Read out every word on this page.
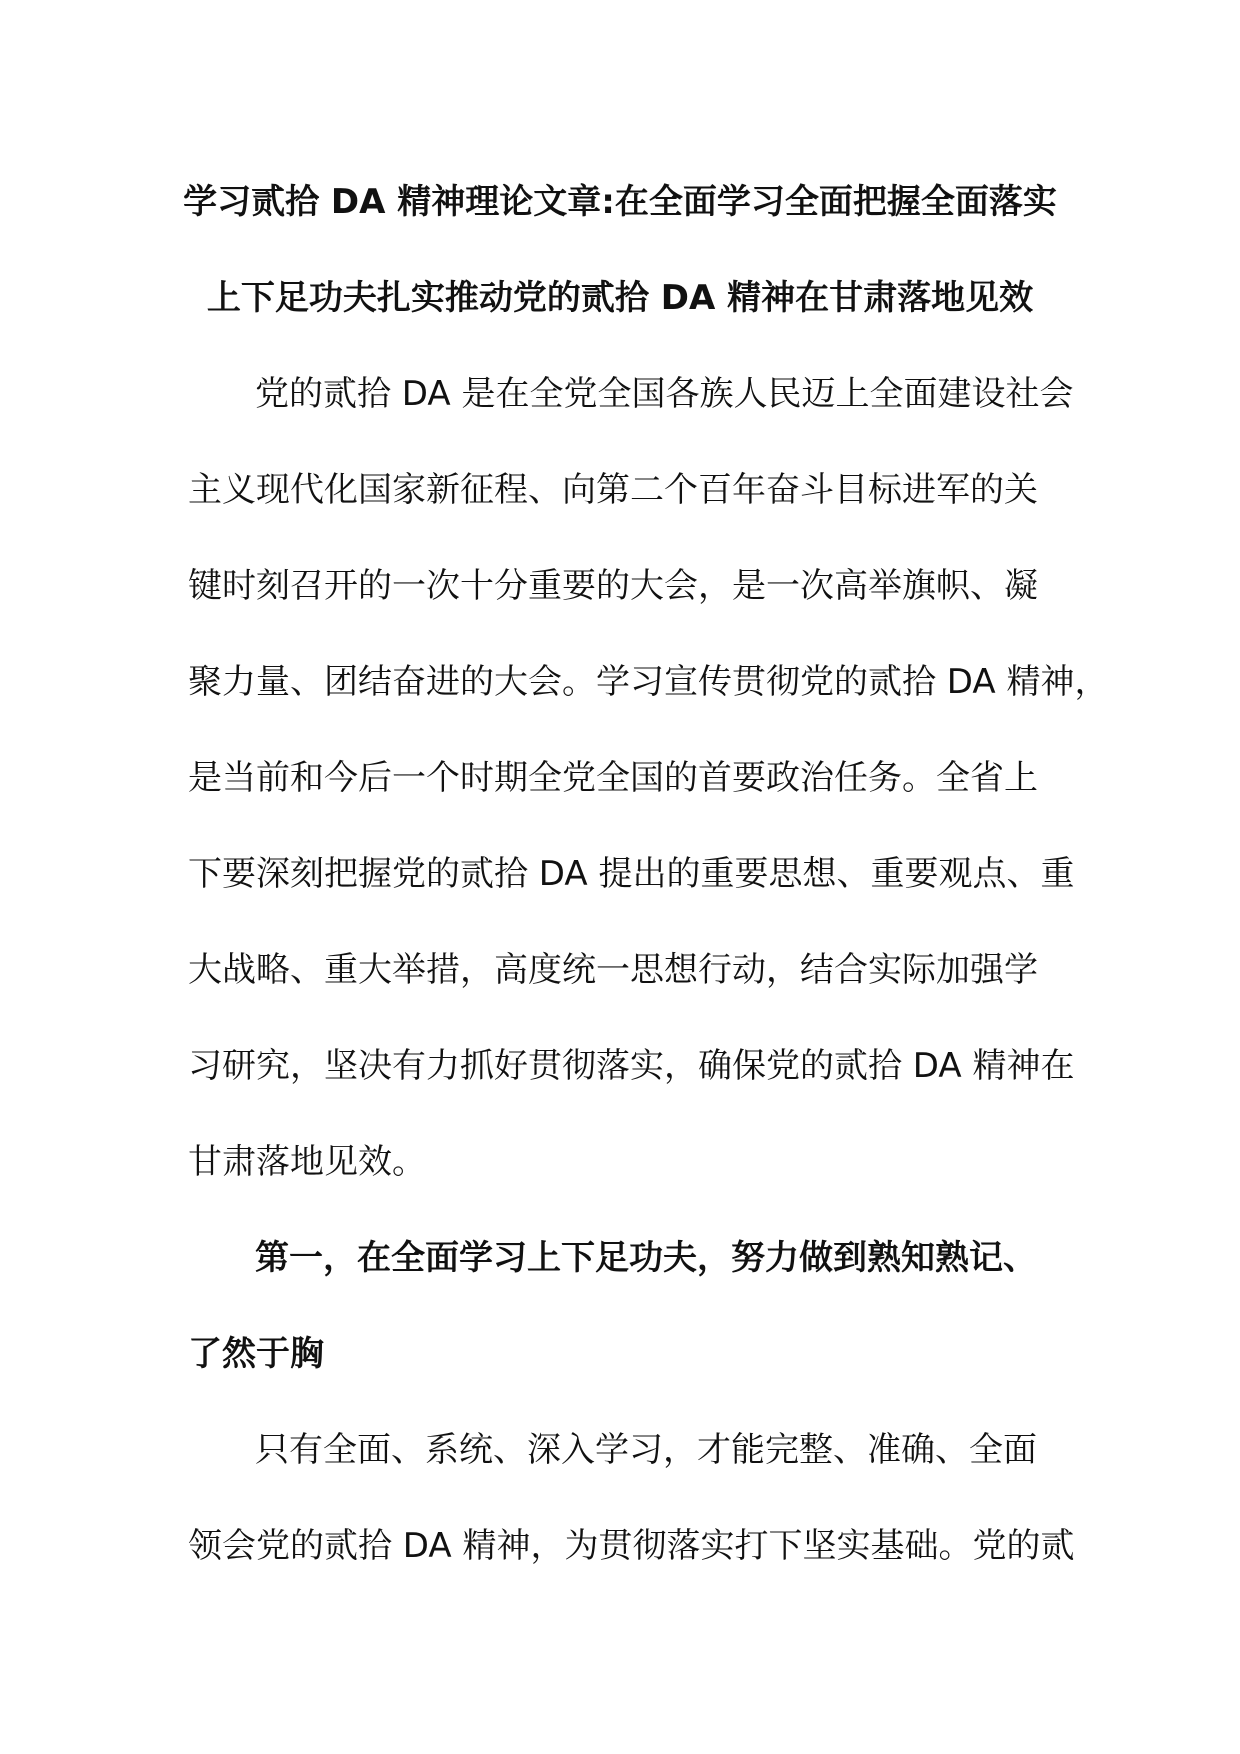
学习贰拾 DA 精神理论文章:在全面学习全面把握全面落实
上下足功夫扎实推动党的贰拾 DA 精神在甘肃落地见效
党的贰拾 DA 是在全党全国各族人民迈上全面建设社会
主义现代化国家新征程、向第二个百年奋斗目标进军的关
键时刻召开的一次十分重要的大会，是一次高举旗帜、凝
聚力量、团结奋进的大会。学习宣传贯彻党的贰拾 DA 精神，
是当前和今后一个时期全党全国的首要政治任务。全省上
下要深刻把握党的贰拾 DA 提出的重要思想、重要观点、重
大战略、重大举措，高度统一思想行动，结合实际加强学
习研究，坚决有力抓好贯彻落实，确保党的贰拾 DA 精神在
甘肃落地见效。
第一，在全面学习上下足功夫，努力做到熟知熟记、
了然于胸
只有全面、系统、深入学习，才能完整、准确、全面
领会党的贰拾 DA 精神，为贯彻落实打下坚实基础。党的贰
